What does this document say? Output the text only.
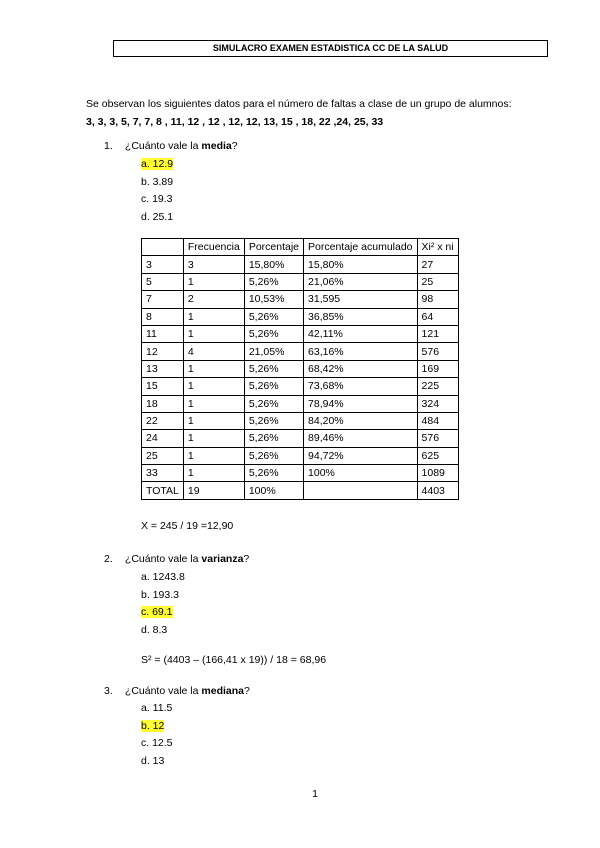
SIMULACRO EXAMEN ESTADISTICA CC DE LA SALUD
Se observan los siguientes datos para el número de faltas a clase de un grupo de alumnos:
3, 3, 3, 5, 7, 7, 8 , 11, 12 , 12 , 12, 12, 13, 15 , 18, 22 ,24, 25, 33
1. ¿Cuánto vale la media?
a. 12.9
b. 3.89
c. 19.3
d. 25.1
	Frecuencia	Porcentaje	Porcentaje acumulado	Xi² x ni
3	3	15,80%	15,80%	27
5	1	5,26%	21,06%	25
7	2	10,53%	31,595	98
8	1	5,26%	36,85%	64
11	1	5,26%	42,11%	121
12	4	21,05%	63,16%	576
13	1	5,26%	68,42%	169
15	1	5,26%	73,68%	225
18	1	5,26%	78,94%	324
22	1	5,26%	84,20%	484
24	1	5,26%	89,46%	576
25	1	5,26%	94,72%	625
33	1	5,26%	100%	1089
TOTAL	19	100%		4403
X = 245 / 19 =12,90
2. ¿Cuánto vale la varianza?
a. 1243.8
b. 193.3
c. 69.1
d. 8.3
S² = (4403 – (166,41 x 19)) / 18 = 68,96
3. ¿Cuánto vale la mediana?
a. 11.5
b. 12
c. 12.5
d. 13
1
